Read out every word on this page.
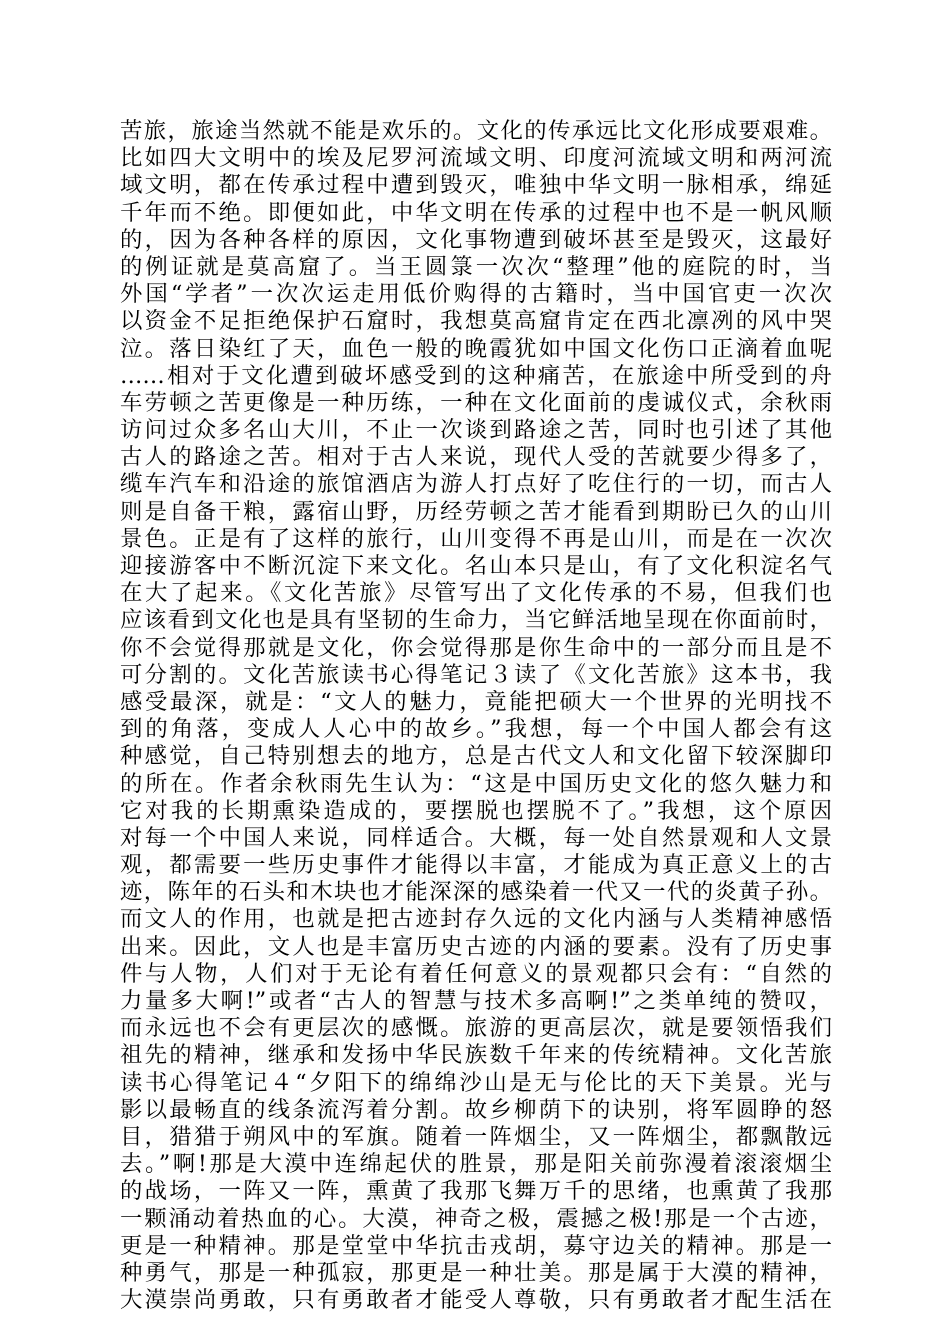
苦旅，旅途当然就不能是欢乐的。文化的传承远比文化形成要艰难。
比如四大文明中的埃及尼罗河流域文明、印度河流域文明和两河流
域文明，都在传承过程中遭到毁灭，唯独中华文明一脉相承，绵延
千年而不绝。即便如此，中华文明在传承的过程中也不是一帆风顺
的，因为各种各样的原因，文化事物遭到破坏甚至是毁灭，这最好
的例证就是莫高窟了。当王圆箓一次次“整理”他的庭院的时，当
外国“学者”一次次运走用低价购得的古籍时，当中国官吏一次次
以资金不足拒绝保护石窟时，我想莫高窟肯定在西北凛冽的风中哭
泣。落日染红了天，血色一般的晚霞犹如中国文化伤口正滴着血呢
……相对于文化遭到破坏感受到的这种痛苦，在旅途中所受到的舟
车劳顿之苦更像是一种历练，一种在文化面前的虔诚仪式，余秋雨
访问过众多名山大川，不止一次谈到路途之苦，同时也引述了其他
古人的路途之苦。相对于古人来说，现代人受的苦就要少得多了，
缆车汽车和沿途的旅馆酒店为游人打点好了吃住行的一切，而古人
则是自备干粮，露宿山野，历经劳顿之苦才能看到期盼已久的山川
景色。正是有了这样的旅行，山川变得不再是山川，而是在一次次
迎接游客中不断沉淀下来文化。名山本只是山，有了文化积淀名气
在大了起来。《文化苦旅》尽管写出了文化传承的不易，但我们也
应该看到文化也是具有坚韧的生命力，当它鲜活地呈现在你面前时，
你不会觉得那就是文化，你会觉得那是你生命中的一部分而且是不
可分割的。文化苦旅读书心得笔记３读了《文化苦旅》这本书，我
感受最深，就是：“文人的魅力，竟能把硕大一个世界的光明找不
到的角落，变成人人心中的故乡。”我想，每一个中国人都会有这
种感觉，自己特别想去的地方，总是古代文人和文化留下较深脚印
的所在。作者余秋雨先生认为：“这是中国历史文化的悠久魅力和
它对我的长期熏染造成的，要摆脱也摆脱不了。”我想，这个原因
对每一个中国人来说，同样适合。大概，每一处自然景观和人文景
观，都需要一些历史事件才能得以丰富，才能成为真正意义上的古
迹，陈年的石头和木块也才能深深的感染着一代又一代的炎黄子孙。
而文人的作用，也就是把古迹封存久远的文化内涵与人类精神感悟
出来。因此，文人也是丰富历史古迹的内涵的要素。没有了历史事
件与人物，人们对于无论有着任何意义的景观都只会有：“自然的
力量多大啊!”或者“古人的智慧与技术多高啊!”之类单纯的赞叹，
而永远也不会有更层次的感慨。旅游的更高层次，就是要领悟我们
祖先的精神，继承和发扬中华民族数千年来的传统精神。文化苦旅
读书心得笔记４“夕阳下的绵绵沙山是无与伦比的天下美景。光与
影以最畅直的线条流泻着分割。故乡柳荫下的诀别，将军圆睁的怒
目，猎猎于朔风中的军旗。随着一阵烟尘，又一阵烟尘，都飘散远
去。”啊!那是大漠中连绵起伏的胜景，那是阳关前弥漫着滚滚烟尘
的战场，一阵又一阵，熏黄了我那飞舞万千的思绪，也熏黄了我那
一颗涌动着热血的心。大漠，神奇之极，震撼之极!那是一个古迹，
更是一种精神。那是堂堂中华抗击戎胡，募守边关的精神。那是一
种勇气，那是一种孤寂，那更是一种壮美。那是属于大漠的精神，
大漠崇尚勇敢，只有勇敢者才能受人尊敬，只有勇敢者才配生活在
